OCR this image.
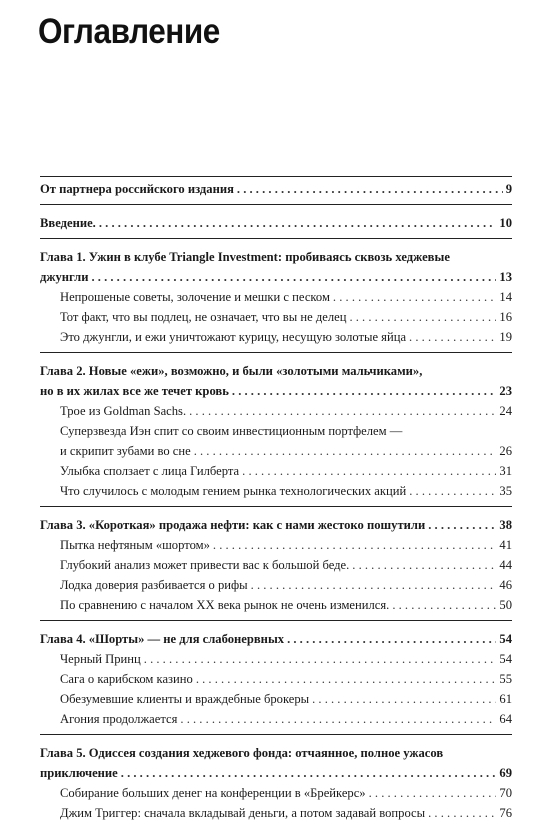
Оглавление
От партнера российского издания . . .	9
Введение. . . .	10
Глава 1. Ужин в клубе Triangle Investment: пробиваясь сквозь хеджевые
джунгли . . .	13
Непрошеные советы, золочение и мешки с песком . . .	14
Тот факт, что вы подлец, не означает, что вы не делец . . .	16
Это джунгли, и ежи уничтожают курицу, несущую золотые яйца . . .	19
Глава 2. Новые «ежи», возможно, и были «золотыми мальчиками»,
но в их жилах все же течет кровь . . .	23
Трое из Goldman Sachs. . . .	24
Суперзвезда Иэн спит со своим инвестиционным портфелем —
и скрипит зубами во сне . . .	26
Улыбка сползает с лица Гилберта . . .	31
Что случилось с молодым гением рынка технологических акций . . .	35
Глава 3. «Короткая» продажа нефти: как с нами жестоко пошутили . . .	38
Пытка нефтяным «шортом» . . .	41
Глубокий анализ может привести вас к большой беде. . . .	44
Лодка доверия разбивается о рифы . . .	46
По сравнению с началом XX века рынок не очень изменился. . . .	50
Глава 4. «Шорты» — не для слабонервных . . .	54
Черный Принц . . .	54
Сага о карибском казино . . .	55
Обезумевшие клиенты и враждебные брокеры . . .	61
Агония продолжается . . .	64
Глава 5. Одиссея создания хеджевого фонда: отчаянное, полное ужасов
приключение . . .	69
Собирание больших денег на конференции в «Брейкерс» . . .	70
Джим Триггер: сначала вкладывай деньги, а потом задавай вопросы . . .	76
